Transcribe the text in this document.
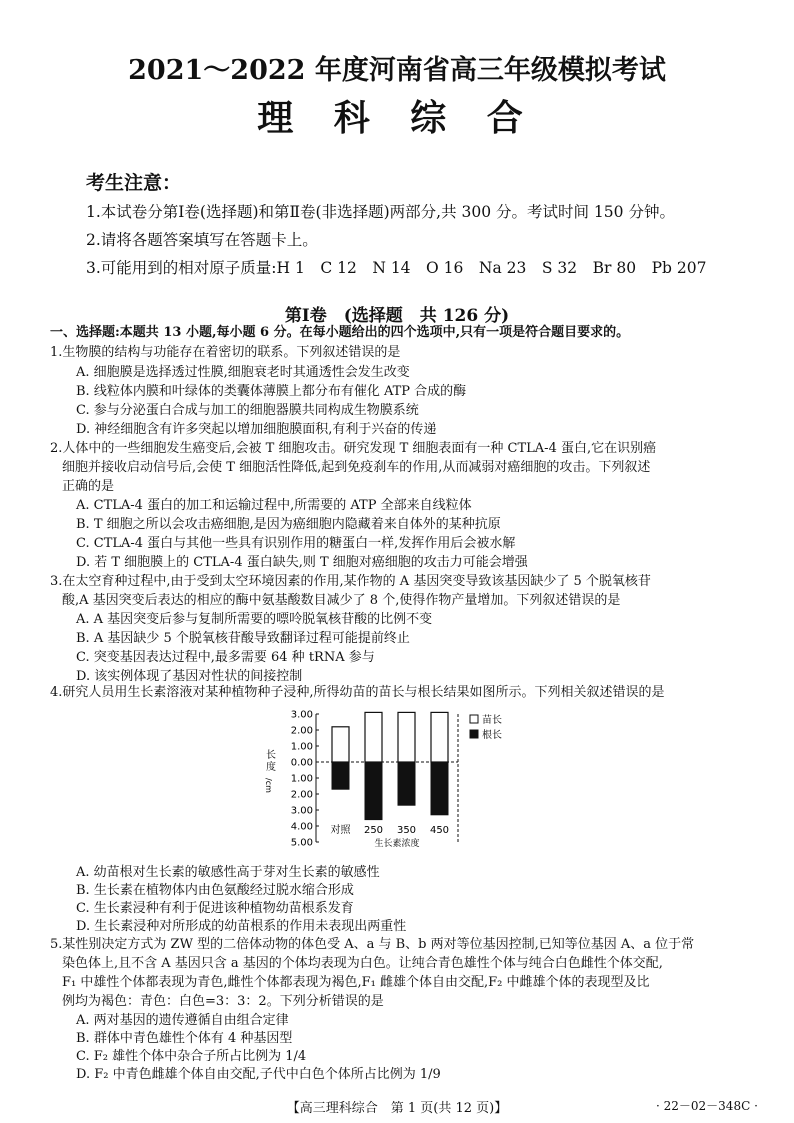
2021～2022 年度河南省高三年级模拟考试
理 科 综 合
考生注意：
1.本试卷分第Ⅰ卷(选择题)和第Ⅱ卷(非选择题)两部分,共 300 分。考试时间 150 分钟。
2.请将各题答案填写在答题卡上。
3.可能用到的相对原子质量:H 1　C 12　N 14　O 16　Na 23　S 32　Br 80　Pb 207
第Ⅰ卷　(选择题　共 126 分)
一、选择题:本题共 13 小题,每小题 6 分。在每小题给出的四个选项中,只有一项是符合题目要求的。
1.生物膜的结构与功能存在着密切的联系。下列叙述错误的是
A. 细胞膜是选择透过性膜,细胞衰老时其通透性会发生改变
B. 线粒体内膜和叶绿体的类囊体薄膜上都分布有催化 ATP 合成的酶
C. 参与分泌蛋白合成与加工的细胞器膜共同构成生物膜系统
D. 神经细胞含有许多突起以增加细胞膜面积,有利于兴奋的传递
2.人体中的一些细胞发生癌变后,会被 T 细胞攻击。研究发现 T 细胞表面有一种 CTLA-4 蛋白,它在识别癌
细胞并接收启动信号后,会使 T 细胞活性降低,起到免疫刹车的作用,从而减弱对癌细胞的攻击。下列叙述
正确的是
A. CTLA-4 蛋白的加工和运输过程中,所需要的 ATP 全部来自线粒体
B. T 细胞之所以会攻击癌细胞,是因为癌细胞内隐藏着来自体外的某种抗原
C. CTLA-4 蛋白与其他一些具有识别作用的糖蛋白一样,发挥作用后会被水解
D. 若 T 细胞膜上的 CTLA-4 蛋白缺失,则 T 细胞对癌细胞的攻击力可能会增强
3.在太空育种过程中,由于受到太空环境因素的作用,某作物的 A 基因突变导致该基因缺少了 5 个脱氧核苷
酸,A 基因突变后表达的相应的酶中氨基酸数目减少了 8 个,使得作物产量增加。下列叙述错误的是
A. A 基因突变后参与复制所需要的嘌呤脱氧核苷酸的比例不变
B. A 基因缺少 5 个脱氧核苷酸导致翻译过程可能提前终止
C. 突变基因表达过程中,最多需要 64 种 tRNA 参与
D. 该实例体现了基因对性状的间接控制
4.研究人员用生长素溶液对某种植物种子浸种,所得幼苗的苗长与根长结果如图所示。下列相关叙述错误的是
3.00
2.00
1.00
0.00
1.00
2.00
3.00
4.00
5.00
长
度
/cm
对照 250 350 450
生长素浓度
苗长
根长
A. 幼苗根对生长素的敏感性高于芽对生长素的敏感性
B. 生长素在植物体内由色氨酸经过脱水缩合形成
C. 生长素浸种有利于促进该种植物幼苗根系发育
D. 生长素浸种对所形成的幼苗根系的作用未表现出两重性
5.某性别决定方式为 ZW 型的二倍体动物的体色受 A、a 与 B、b 两对等位基因控制,已知等位基因 A、a 位于常
染色体上,且不含 A 基因只含 a 基因的个体均表现为白色。让纯合青色雄性个体与纯合白色雌性个体交配,
F₁ 中雄性个体都表现为青色,雌性个体都表现为褐色,F₁ 雌雄个体自由交配,F₂ 中雌雄个体的表现型及比
例均为褐色：青色：白色=3：3：2。下列分析错误的是
A. 两对基因的遗传遵循自由组合定律
B. 群体中青色雄性个体有 4 种基因型
C. F₂ 雄性个体中杂合子所占比例为 1/4
D. F₂ 中青色雌雄个体自由交配,子代中白色个体所占比例为 1/9
【高三理科综合　第 1 页(共 12 页)】	· 22－02－348C ·
